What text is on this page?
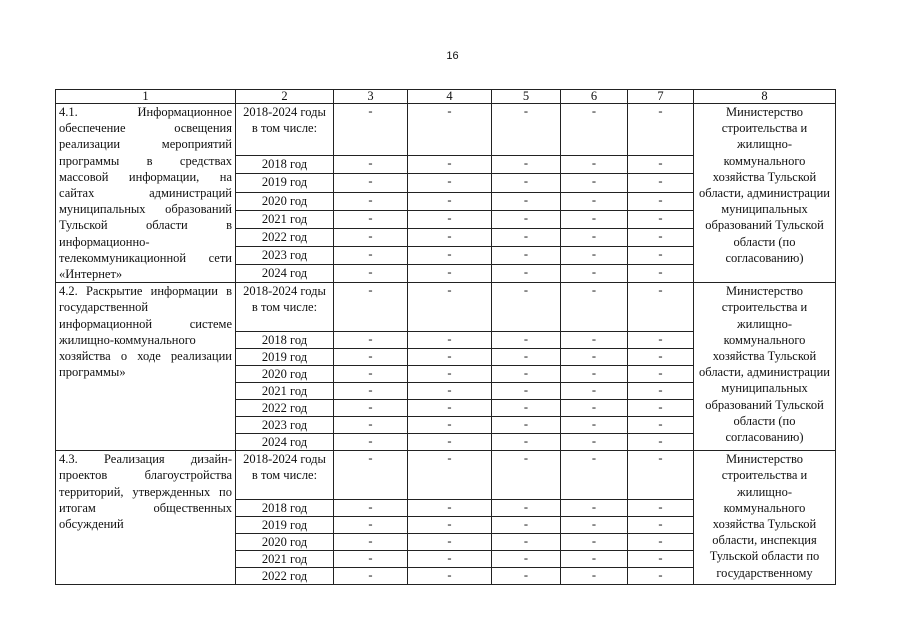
16
1	2	3	4	5	6	7	8
4.1. Информационное обеспечение освещения реализации мероприятий программы в средствах массовой информации, на сайтах администраций муниципальных образований Тульской области в информационно-телекоммуникационной сети «Интернет»	2018-2024 годы в том числе:	-	-	-	-	-	Министерство строительства и жилищно-коммунального хозяйства Тульской области, администрации муниципальных образований Тульской области (по согласованию)
	2018 год	-	-	-	-	-	
	2019 год	-	-	-	-	-	
	2020 год	-	-	-	-	-	
	2021 год	-	-	-	-	-	
	2022 год	-	-	-	-	-	
	2023 год	-	-	-	-	-	
	2024 год	-	-	-	-	-	
4.2. Раскрытие информации в государственной информационной системе жилищно-коммунального хозяйства о ходе реализации программы»	2018-2024 годы в том числе:	-	-	-	-	-	Министерство строительства и жилищно-коммунального хозяйства Тульской области, администрации муниципальных образований Тульской области (по согласованию)
	2018 год	-	-	-	-	-	
	2019 год	-	-	-	-	-	
	2020 год	-	-	-	-	-	
	2021 год	-	-	-	-	-	
	2022 год	-	-	-	-	-	
	2023 год	-	-	-	-	-	
	2024 год	-	-	-	-	-	
4.3. Реализация дизайн-проектов благоустройства территорий, утвержденных по итогам общественных обсуждений	2018-2024 годы в том числе:	-	-	-	-	-	Министерство строительства и жилищно-коммунального хозяйства Тульской области, инспекция Тульской области по государственному
	2018 год	-	-	-	-	-	
	2019 год	-	-	-	-	-	
	2020 год	-	-	-	-	-	
	2021 год	-	-	-	-	-	
	2022 год	-	-	-	-	-	
